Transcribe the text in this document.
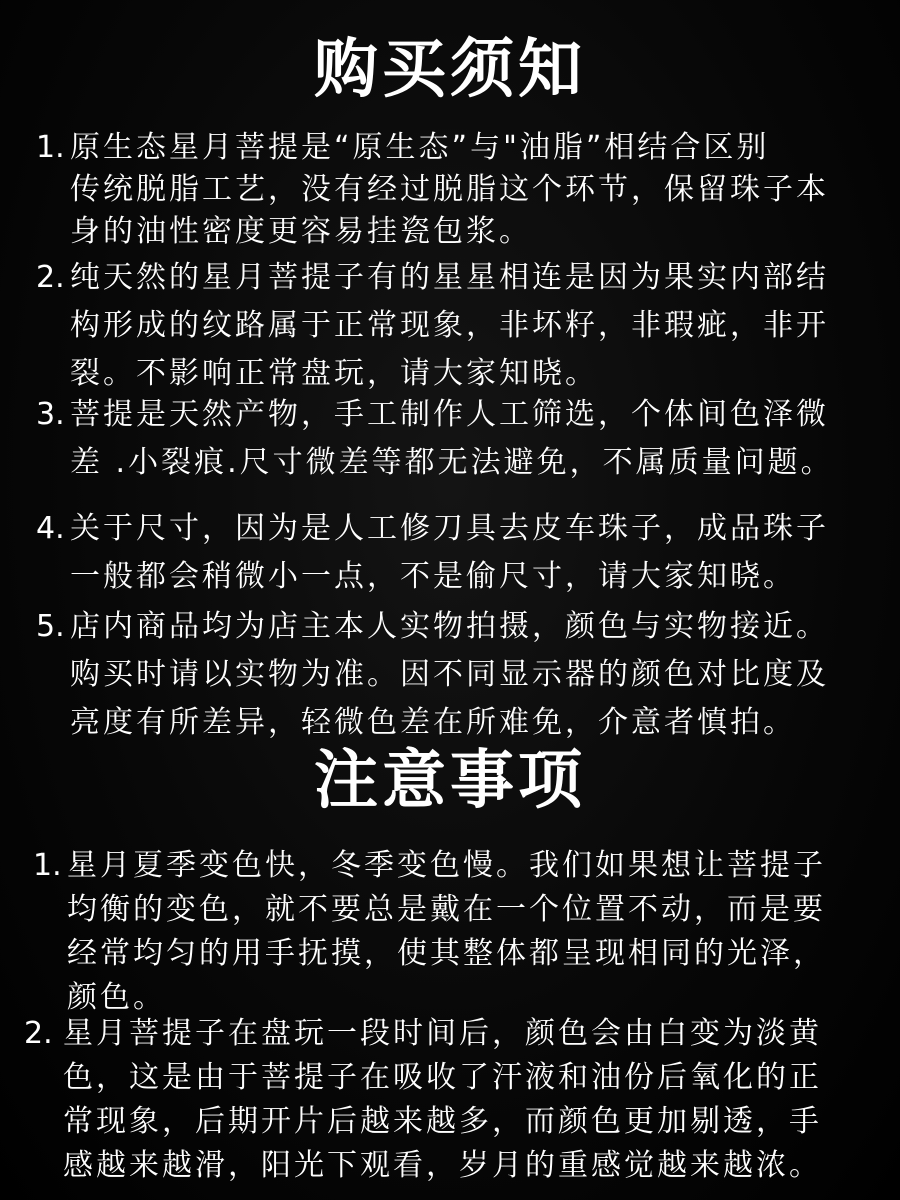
购买须知
1. 原生态星月菩提是“原生态”与"油脂”相结合区别
传统脱脂工艺，没有经过脱脂这个环节，保留珠子本
身的油性密度更容易挂瓷包浆。
2. 纯天然的星月菩提子有的星星相连是因为果实内部结
构形成的纹路属于正常现象，非坏籽，非瑕疵，非开
裂。不影响正常盘玩，请大家知晓。
3. 菩提是天然产物，手工制作人工筛选，个体间色泽微
差 .小裂痕.尺寸微差等都无法避免，不属质量问题。
4. 关于尺寸，因为是人工修刀具去皮车珠子，成品珠子
一般都会稍微小一点，不是偷尺寸，请大家知晓。
5. 店内商品均为店主本人实物拍摄，颜色与实物接近。
购买时请以实物为准。因不同显示器的颜色对比度及
亮度有所差异，轻微色差在所难免，介意者慎拍。
注意事项
1. 星月夏季变色快，冬季变色慢。我们如果想让菩提子
均衡的变色，就不要总是戴在一个位置不动，而是要
经常均匀的用手抚摸，使其整体都呈现相同的光泽，
颜色。
2. 星月菩提子在盘玩一段时间后，颜色会由白变为淡黄
色，这是由于菩提子在吸收了汗液和油份后氧化的正
常现象，后期开片后越来越多，而颜色更加剔透，手
感越来越滑，阳光下观看，岁月的重感觉越来越浓。
